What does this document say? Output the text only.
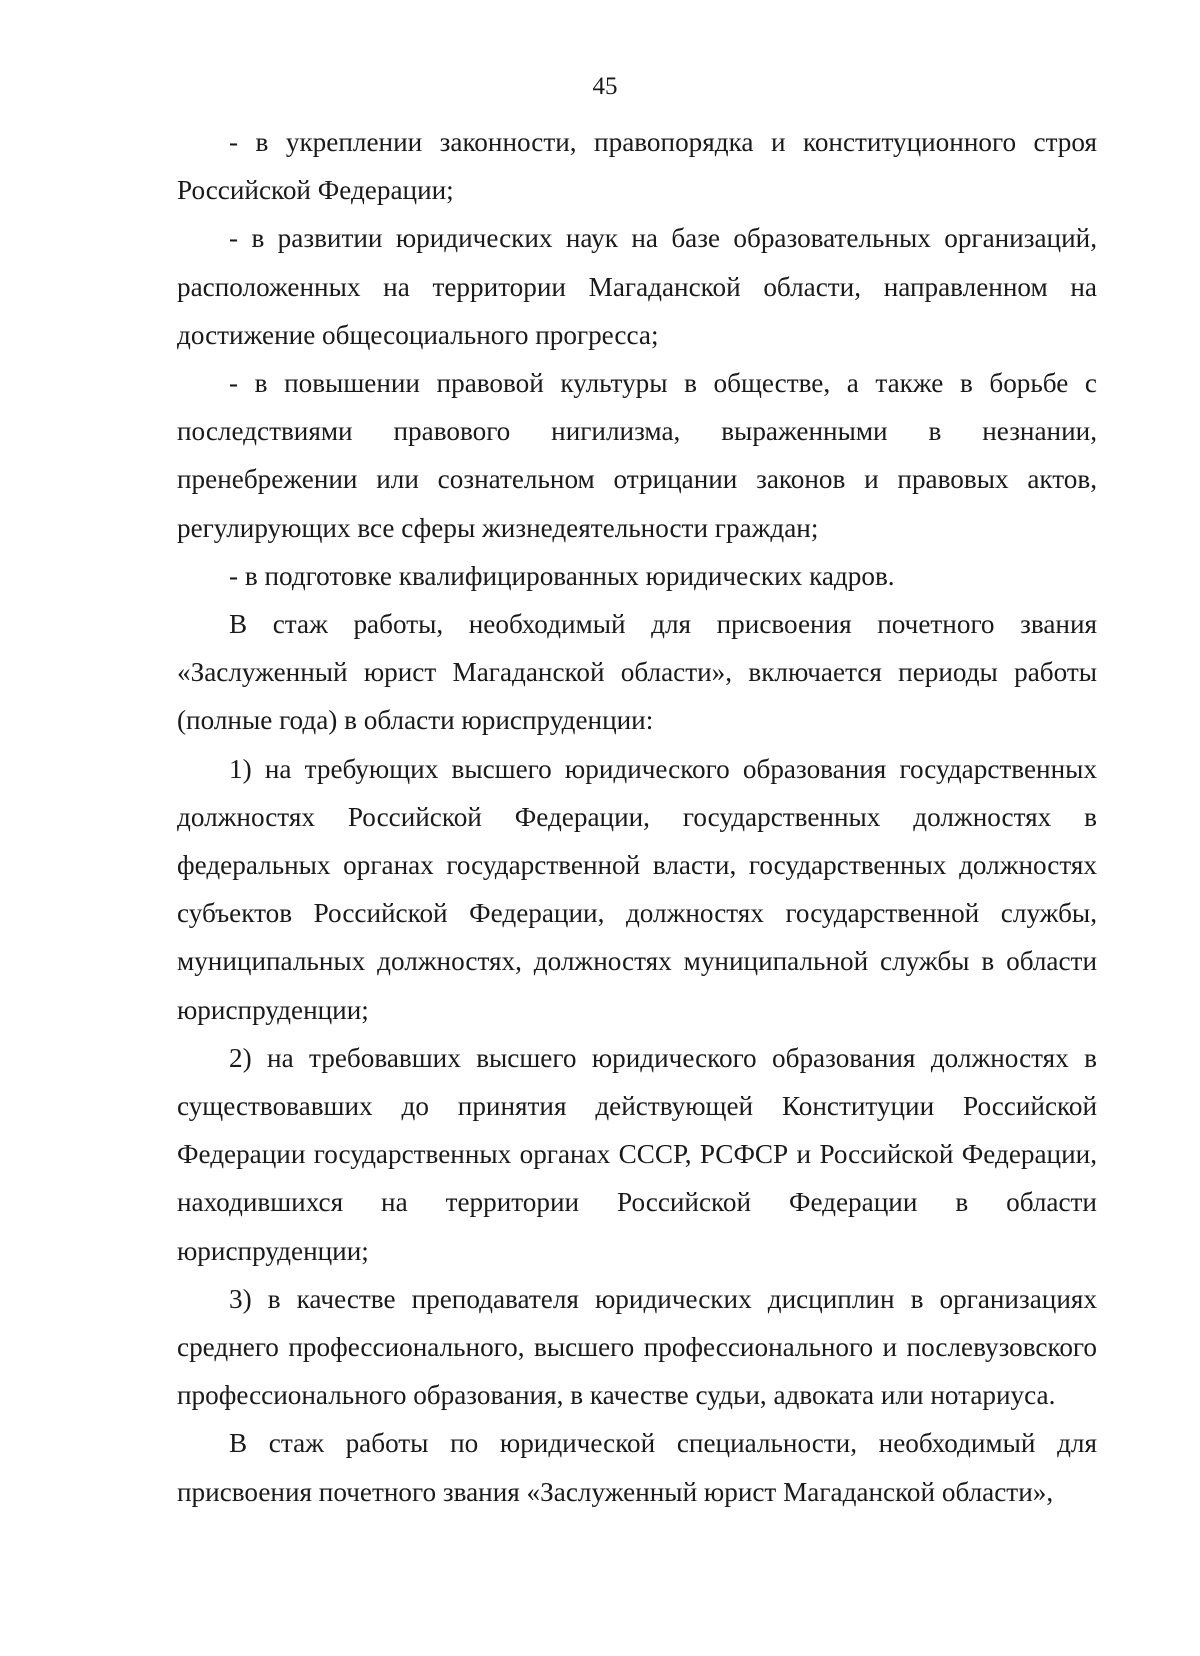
45

- в укреплении законности, правопорядка и конституционного строя Российской Федерации;

- в развитии юридических наук на базе образовательных организаций, расположенных на территории Магаданской области, направленном на достижение общесоциального прогресса;

- в повышении правовой культуры в обществе, а также в борьбе с последствиями правового нигилизма, выраженными в незнании, пренебрежении или сознательном отрицании законов и правовых актов, регулирующих все сферы жизнедеятельности граждан;

- в подготовке квалифицированных юридических кадров.

В стаж работы, необходимый для присвоения почетного звания «Заслуженный юрист Магаданской области», включается периоды работы (полные года) в области юриспруденции:

1) на требующих высшего юридического образования государственных должностях Российской Федерации, государственных должностях в федеральных органах государственной власти, государственных должностях субъектов Российской Федерации, должностях государственной службы, муниципальных должностях, должностях муниципальной службы в области юриспруденции;

2) на требовавших высшего юридического образования должностях в существовавших до принятия действующей Конституции Российской Федерации государственных органах СССР, РСФСР и Российской Федерации, находившихся на территории Российской Федерации в области юриспруденции;

3) в качестве преподавателя юридических дисциплин в организациях среднего профессионального, высшего профессионального и послевузовского профессионального образования, в качестве судьи, адвоката или нотариуса.

В стаж работы по юридической специальности, необходимый для присвоения почетного звания «Заслуженный юрист Магаданской области»,
